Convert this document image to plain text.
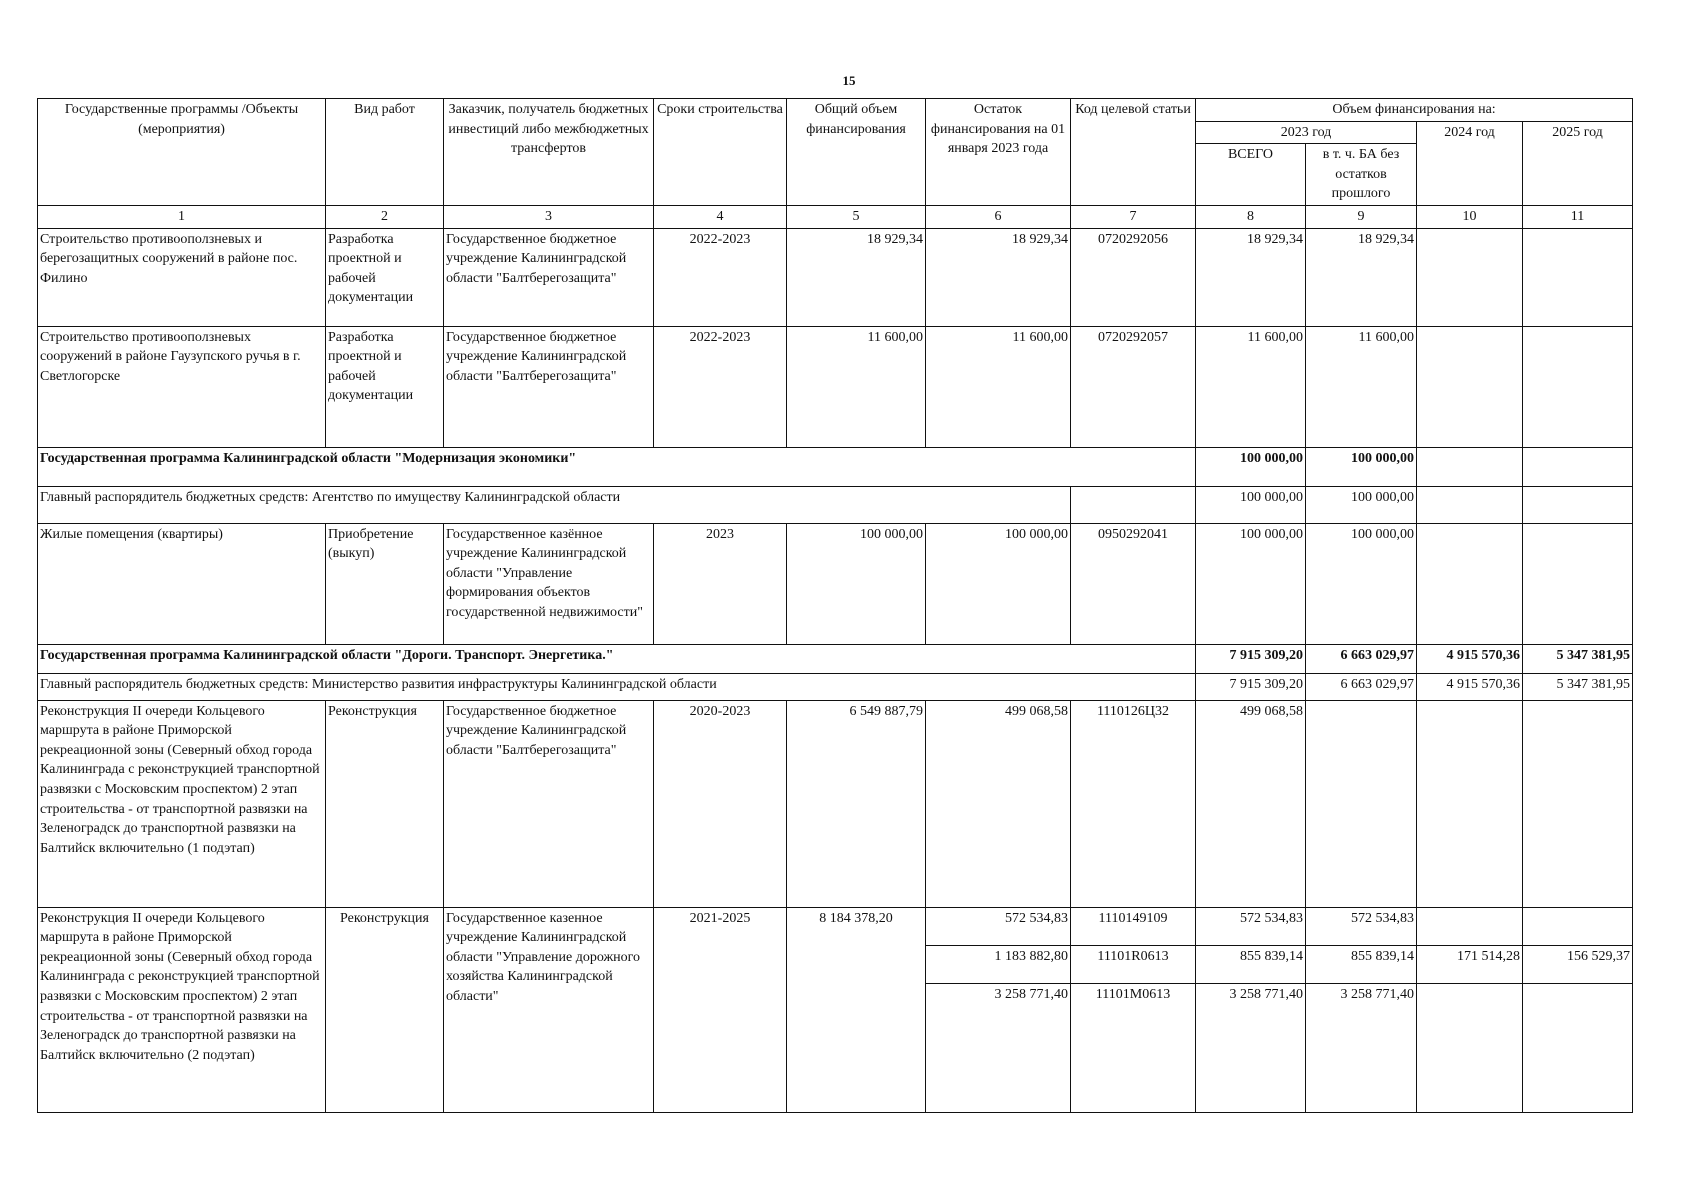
15
Государственные программы /Объекты (мероприятия)	Вид работ	Заказчик, получатель бюджетных инвестиций либо межбюджетных трансфертов	Сроки строительства	Общий объем финансирования	Остаток финансирования на 01 января 2023 года	Код целевой статьи	Объем финансирования на:			
							2023 год		2024 год	2025 год
							ВСЕГО	в т. ч. БА без остатков прошлого		
1	2	3	4	5	6	7	8	9	10	11
Строительство противооползневых и берегозащитных сооружений в районе пос. Филино	Разработка проектной и рабочей документации	Государственное бюджетное учреждение Калининградской области "Балтберегозащита"	2022-2023	18 929,34	18 929,34	0720292056	18 929,34	18 929,34		
Строительство противооползневых сооружений в районе Гаузупского ручья в г. Светлогорске	Разработка проектной и рабочей документации	Государственное бюджетное учреждение Калининградской области "Балтберегозащита"	2022-2023	11 600,00	11 600,00	0720292057	11 600,00	11 600,00		
Государственная программа Калининградской области "Модернизация экономики"							100 000,00	100 000,00		
Главный распорядитель бюджетных средств: Агентство по имуществу Калининградской области							100 000,00	100 000,00		
Жилые помещения (квартиры)	Приобретение (выкуп)	Государственное казённое учреждение Калининградской области "Управление формирования объектов государственной недвижимости"	2023	100 000,00	100 000,00	0950292041	100 000,00	100 000,00		
Государственная программа Калининградской области "Дороги. Транспорт. Энергетика."							7 915 309,20	6 663 029,97	4 915 570,36	5 347 381,95
Главный распорядитель бюджетных средств: Министерство развития инфраструктуры Калининградской области							7 915 309,20	6 663 029,97	4 915 570,36	5 347 381,95
Реконструкция II очереди Кольцевого маршрута в районе Приморской рекреационной зоны (Северный обход города Калининграда с реконструкцией транспортной развязки с Московским проспектом) 2 этап строительства - от транспортной развязки на Зеленоградск до транспортной развязки на Балтийск включительно (1 подэтап)	Реконструкция	Государственное бюджетное учреждение Калининградской области "Балтберегозащита"	2020-2023	6 549 887,79	499 068,58	1110126Ц32	499 068,58			
Реконструкция II очереди Кольцевого маршрута в районе Приморской рекреационной зоны (Северный обход города Калининграда с реконструкцией транспортной развязки с Московским проспектом) 2 этап строительства - от транспортной развязки на Зеленоградск до транспортной развязки на Балтийск включительно (2 подэтап)	Реконструкция	Государственное казенное учреждение Калининградской области "Управление дорожного хозяйства Калининградской области"	2021-2025	8 184 378,20	572 534,83	1110149109	572 534,83	572 534,83		
					1 183 882,80	11101R0613	855 839,14	855 839,14	171 514,28	156 529,37
					3 258 771,40	11101M0613	3 258 771,40	3 258 771,40		
